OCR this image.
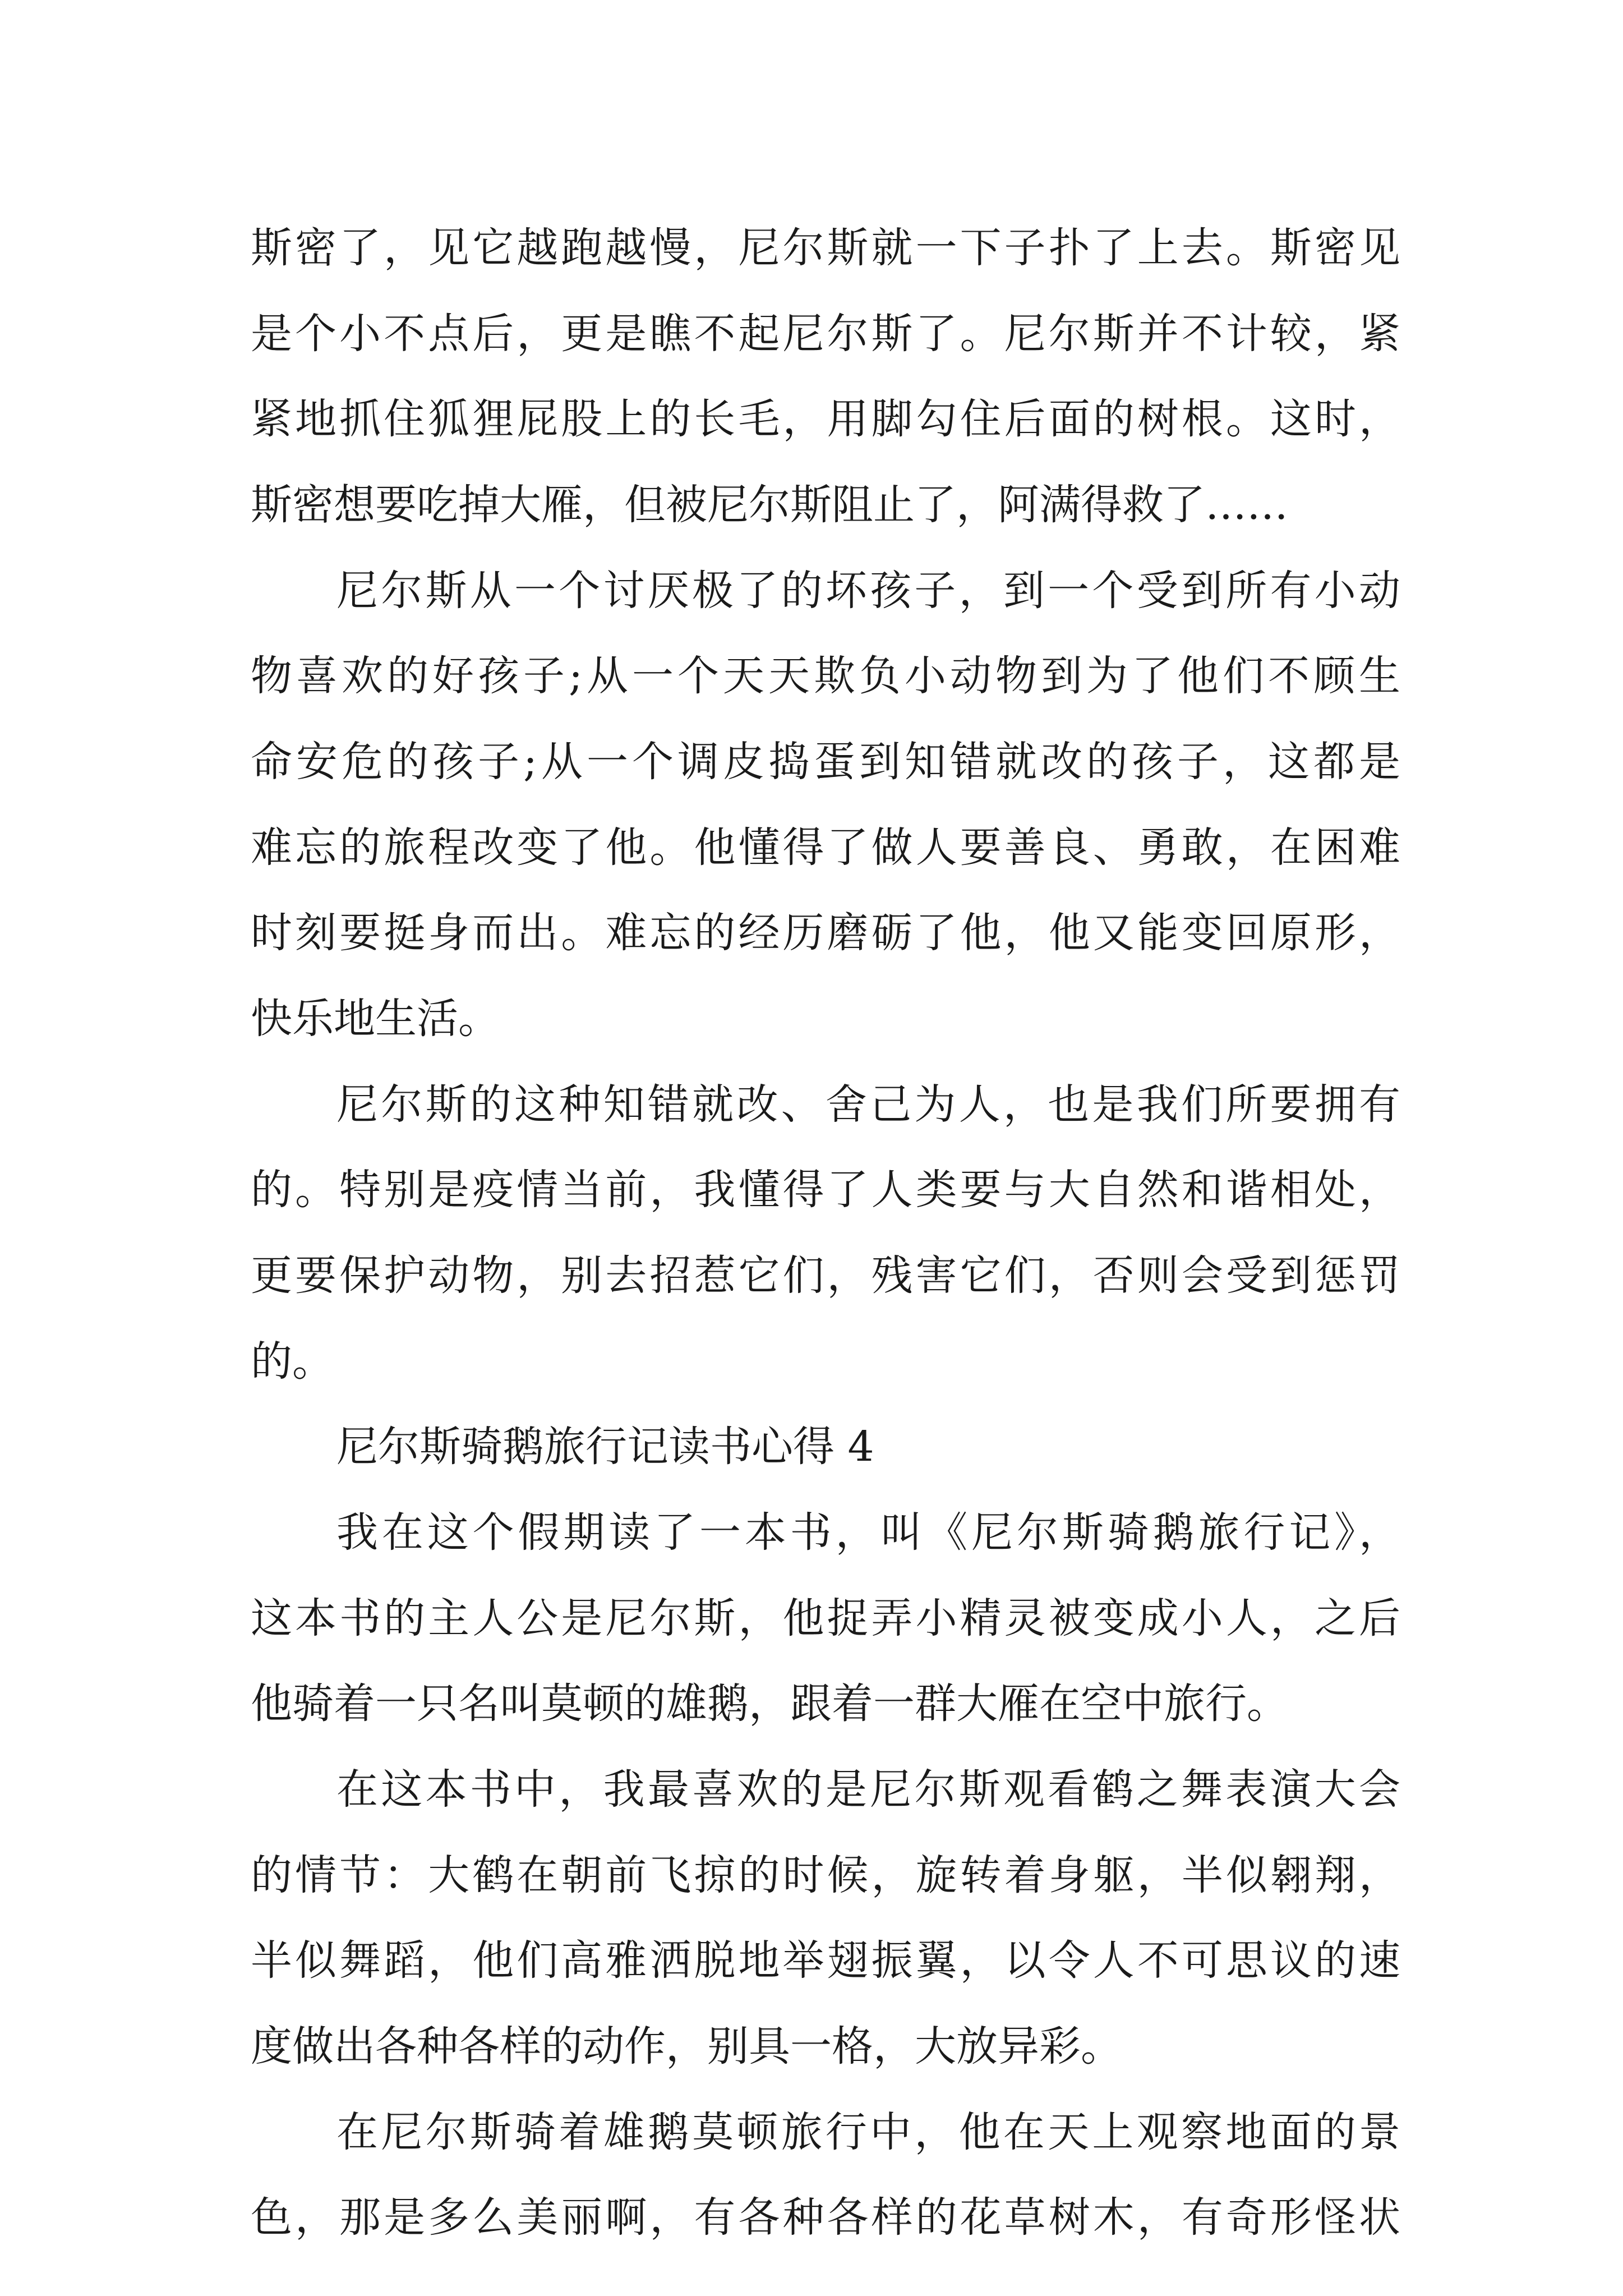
斯密了，见它越跑越慢，尼尔斯就一下子扑了上去。斯密见
是个小不点后，更是瞧不起尼尔斯了。尼尔斯并不计较，紧
紧地抓住狐狸屁股上的长毛，用脚勾住后面的树根。这时，
斯密想要吃掉大雁，但被尼尔斯阻止了，阿满得救了……
尼尔斯从一个讨厌极了的坏孩子，到一个受到所有小动
物喜欢的好孩子;从一个天天欺负小动物到为了他们不顾生
命安危的孩子;从一个调皮捣蛋到知错就改的孩子，这都是
难忘的旅程改变了他。他懂得了做人要善良、勇敢，在困难
时刻要挺身而出。难忘的经历磨砺了他，他又能变回原形，
快乐地生活。
尼尔斯的这种知错就改、舍己为人，也是我们所要拥有
的。特别是疫情当前，我懂得了人类要与大自然和谐相处，
更要保护动物，别去招惹它们，残害它们，否则会受到惩罚
的。
尼尔斯骑鹅旅行记读书心得 4
我在这个假期读了一本书，叫《尼尔斯骑鹅旅行记》，
这本书的主人公是尼尔斯，他捉弄小精灵被变成小人，之后
他骑着一只名叫莫顿的雄鹅，跟着一群大雁在空中旅行。
在这本书中，我最喜欢的是尼尔斯观看鹤之舞表演大会
的情节：大鹤在朝前飞掠的时候，旋转着身躯，半似翱翔，
半似舞蹈，他们高雅洒脱地举翅振翼，以令人不可思议的速
度做出各种各样的动作，别具一格，大放异彩。
在尼尔斯骑着雄鹅莫顿旅行中，他在天上观察地面的景
色，那是多么美丽啊，有各种各样的花草树木，有奇形怪状
